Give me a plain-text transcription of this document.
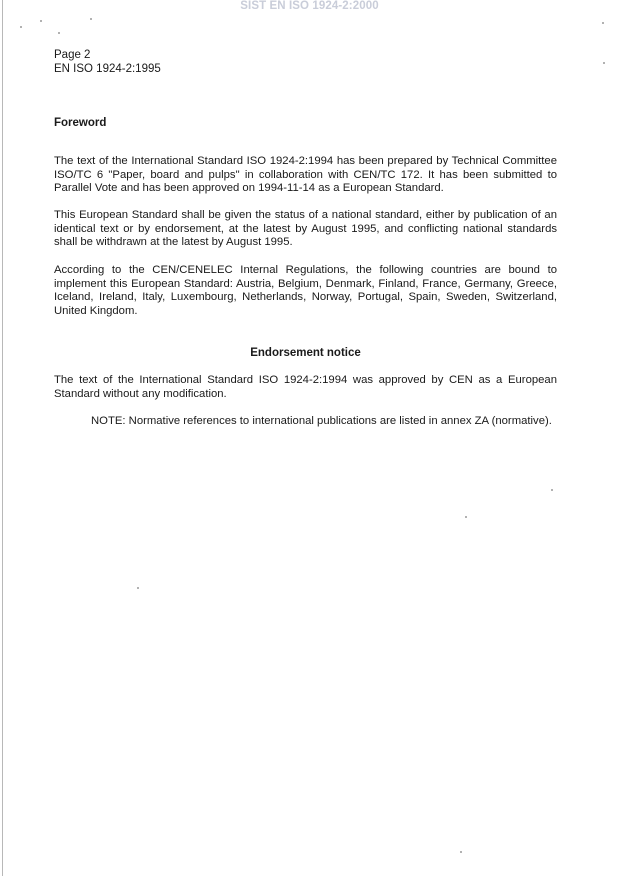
SIST EN ISO 1924-2:2000
Page 2
EN ISO 1924-2:1995
Foreword

The text of the International Standard ISO 1924-2:1994 has been prepared by Technical Committee ISO/TC 6 "Paper, board and pulps" in collaboration with CEN/TC 172. It has been submitted to Parallel Vote and has been approved on 1994-11-14 as a European Standard.

This European Standard shall be given the status of a national standard, either by publication of an identical text or by endorsement, at the latest by August 1995, and conflicting national standards shall be withdrawn at the latest by August 1995.

According to the CEN/CENELEC Internal Regulations, the following countries are bound to implement this European Standard: Austria, Belgium, Denmark, Finland, France, Germany, Greece, Iceland, Ireland, Italy, Luxembourg, Netherlands, Norway, Portugal, Spain, Sweden, Switzerland, United Kingdom.

Endorsement notice

The text of the International Standard ISO 1924-2:1994 was approved by CEN as a European Standard without any modification.

NOTE: Normative references to international publications are listed in annex ZA (normative).
